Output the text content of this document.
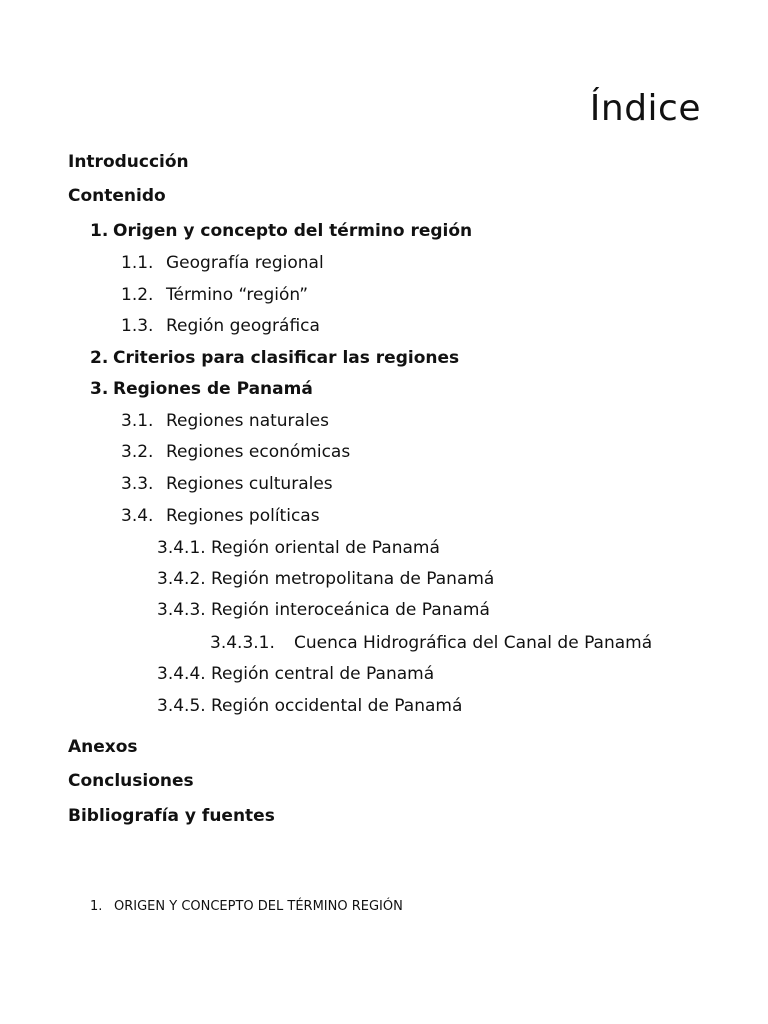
Índice
Introducción
Contenido
1. Origen y concepto del término región
1.1. Geografía regional
1.2. Término “región”
1.3. Región geográfica
2. Criterios para clasificar las regiones
3. Regiones de Panamá
3.1. Regiones naturales
3.2. Regiones económicas
3.3. Regiones culturales
3.4. Regiones políticas
3.4.1. Región oriental de Panamá
3.4.2. Región metropolitana de Panamá
3.4.3. Región interoceánica de Panamá
3.4.3.1. Cuenca Hidrográfica del Canal de Panamá
3.4.4. Región central de Panamá
3.4.5. Región occidental de Panamá
Anexos
Conclusiones
Bibliografía y fuentes
1. ORIGEN Y CONCEPTO DEL TÉRMINO REGIÓN
